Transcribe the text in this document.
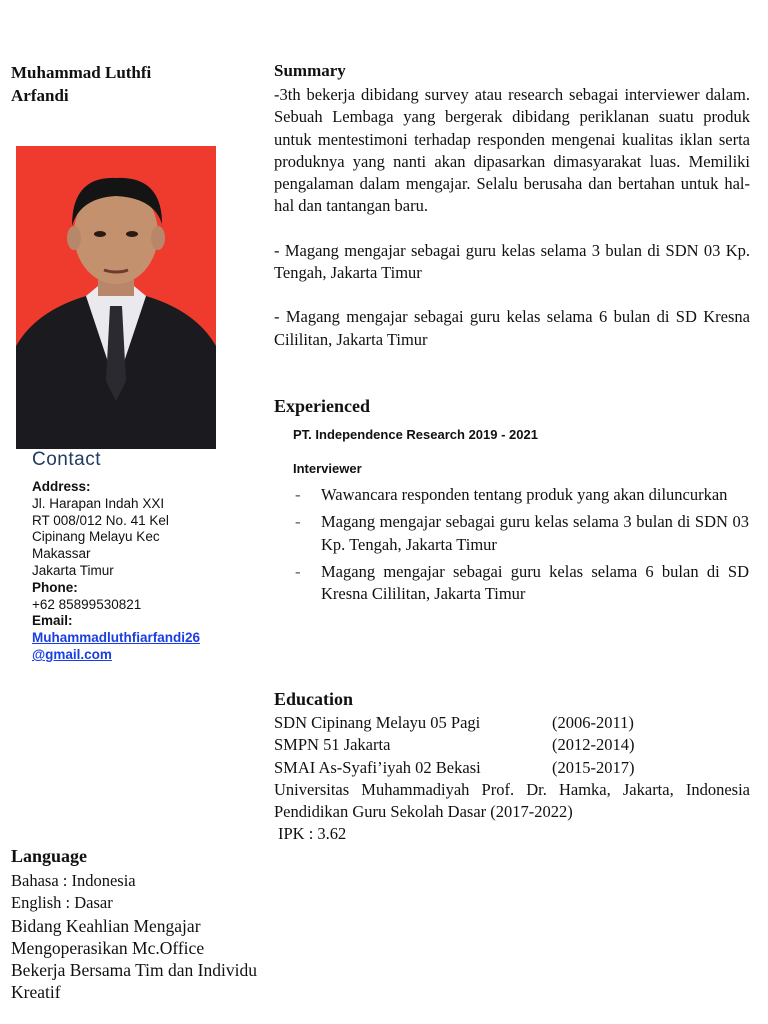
Muhammad Luthfi
Arfandi
Contact
Address:
Jl. Harapan Indah XXI
RT 008/012 No. 41 Kel
Cipinang Melayu Kec
Makassar
Jakarta Timur
Phone:
+62 85899530821
Email:
Muhammadluthfiarfandi26
@gmail.com
Summary

-3th bekerja dibidang survey atau research sebagai interviewer dalam. Sebuah Lembaga yang bergerak dibidang periklanan suatu produk untuk mentestimoni terhadap responden mengenai kualitas iklan serta produknya yang nanti akan dipasarkan dimasyarakat luas. Memiliki pengalaman dalam mengajar. Selalu berusaha dan bertahan untuk hal-hal dan tantangan baru.

- Magang mengajar sebagai guru kelas selama 3 bulan di SDN 03 Kp. Tengah, Jakarta Timur

- Magang mengajar sebagai guru kelas selama 6 bulan di SD Kresna Cililitan, Jakarta Timur

Experienced
PT. Independence Research 2019 - 2021
Interviewer
-	Wawancara responden tentang produk yang akan diluncurkan
-	Magang mengajar sebagai guru kelas selama 3 bulan di SDN 03 Kp. Tengah, Jakarta Timur
-	Magang mengajar sebagai guru kelas selama 6 bulan di SD Kresna Cililitan, Jakarta Timur
Education
SDN Cipinang Melayu 05 Pagi	(2006-2011)
SMPN 51 Jakarta	(2012-2014)
SMAI As-Syafi’iyah 02 Bekasi	(2015-2017)
Universitas Muhammadiyah Prof. Dr. Hamka, Jakarta, Indonesia Pendidikan Guru Sekolah Dasar (2017-2022)
IPK : 3.62
Language
Bahasa : Indonesia
English : Dasar
Bidang Keahlian Mengajar
Mengoperasikan Mc.Office
Bekerja Bersama Tim dan Individu
Kreatif
